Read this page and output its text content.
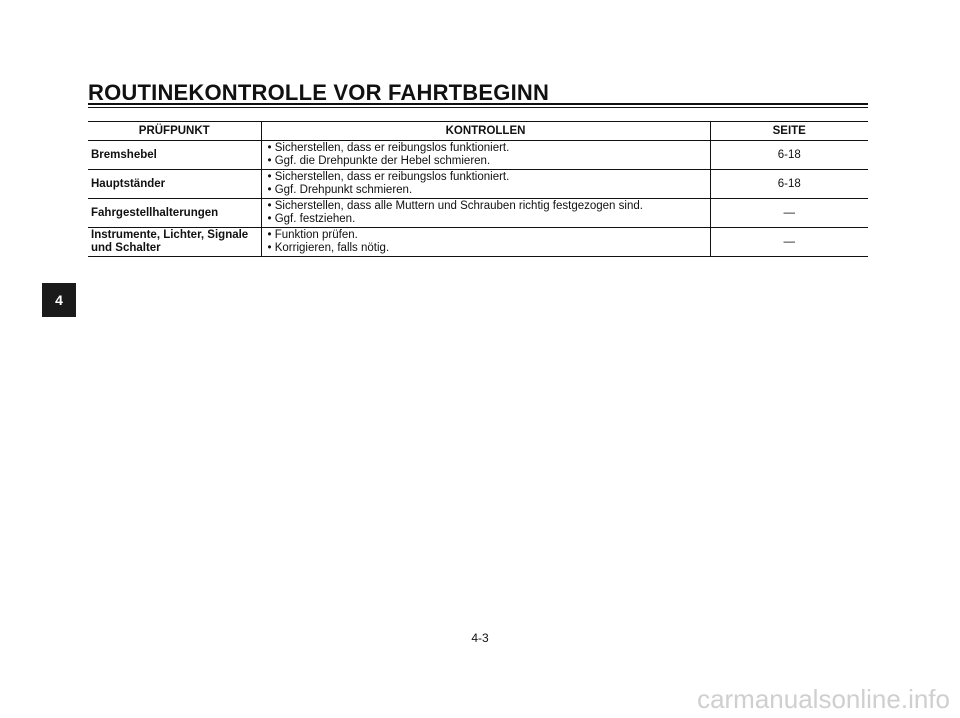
ROUTINEKONTROLLE VOR FAHRTBEGINN
PRÜFPUNKT	KONTROLLEN	SEITE

Bremshebel	• Sicherstellen, dass er reibungslos funktioniert.
• Ggf. die Drehpunkte der Hebel schmieren.	6-18

Hauptständer	• Sicherstellen, dass er reibungslos funktioniert.
• Ggf. Drehpunkt schmieren.	6-18

Fahrgestellhalterungen	• Sicherstellen, dass alle Muttern und Schrauben richtig festgezogen sind.
• Ggf. festziehen.	—

Instrumente, Lichter, Signale
und Schalter	• Funktion prüfen.
• Korrigieren, falls nötig.	—
4
4-3
carmanualsonline.info
